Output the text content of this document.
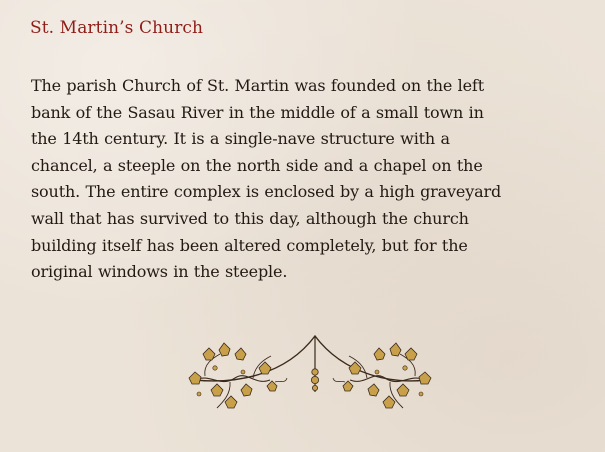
St. Martin’s Church

The parish Church of St. Martin was founded on the left
bank of the Sasau River in the middle of a small town in
the 14th century. It is a single-nave structure with a
chancel, a steeple on the north side and a chapel on the
south. The entire complex is enclosed by a high graveyard
wall that has survived to this day, although the church
building itself has been altered completely, but for the
original windows in the steeple.
